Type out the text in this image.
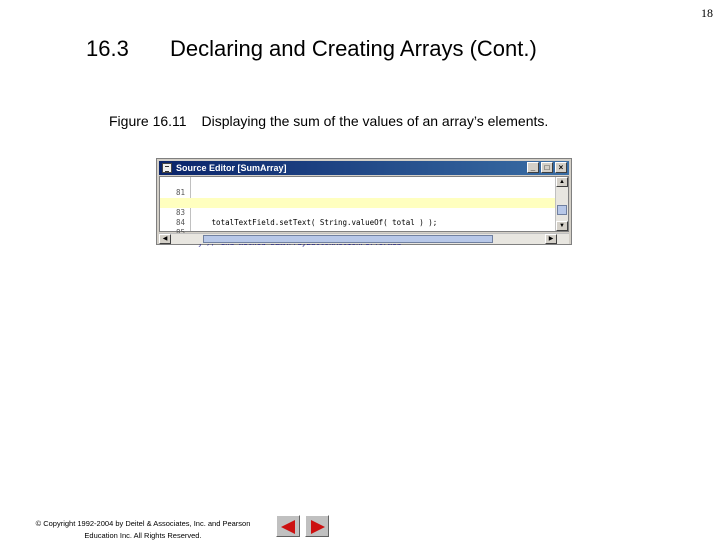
18
16.3 Declaring and Creating Arrays (Cont.)
Figure 16.11 Displaying the sum of the values of an array’s elements.
Source Editor [SumArray]	_	□	×

81

83

totalTextField.setText( String.valueOf( total ) );

84

▲
▼
◀	▶
© Copyright 1992-2004 by Deitel & Associates, Inc. and Pearson
Education Inc. All Rights Reserved.
